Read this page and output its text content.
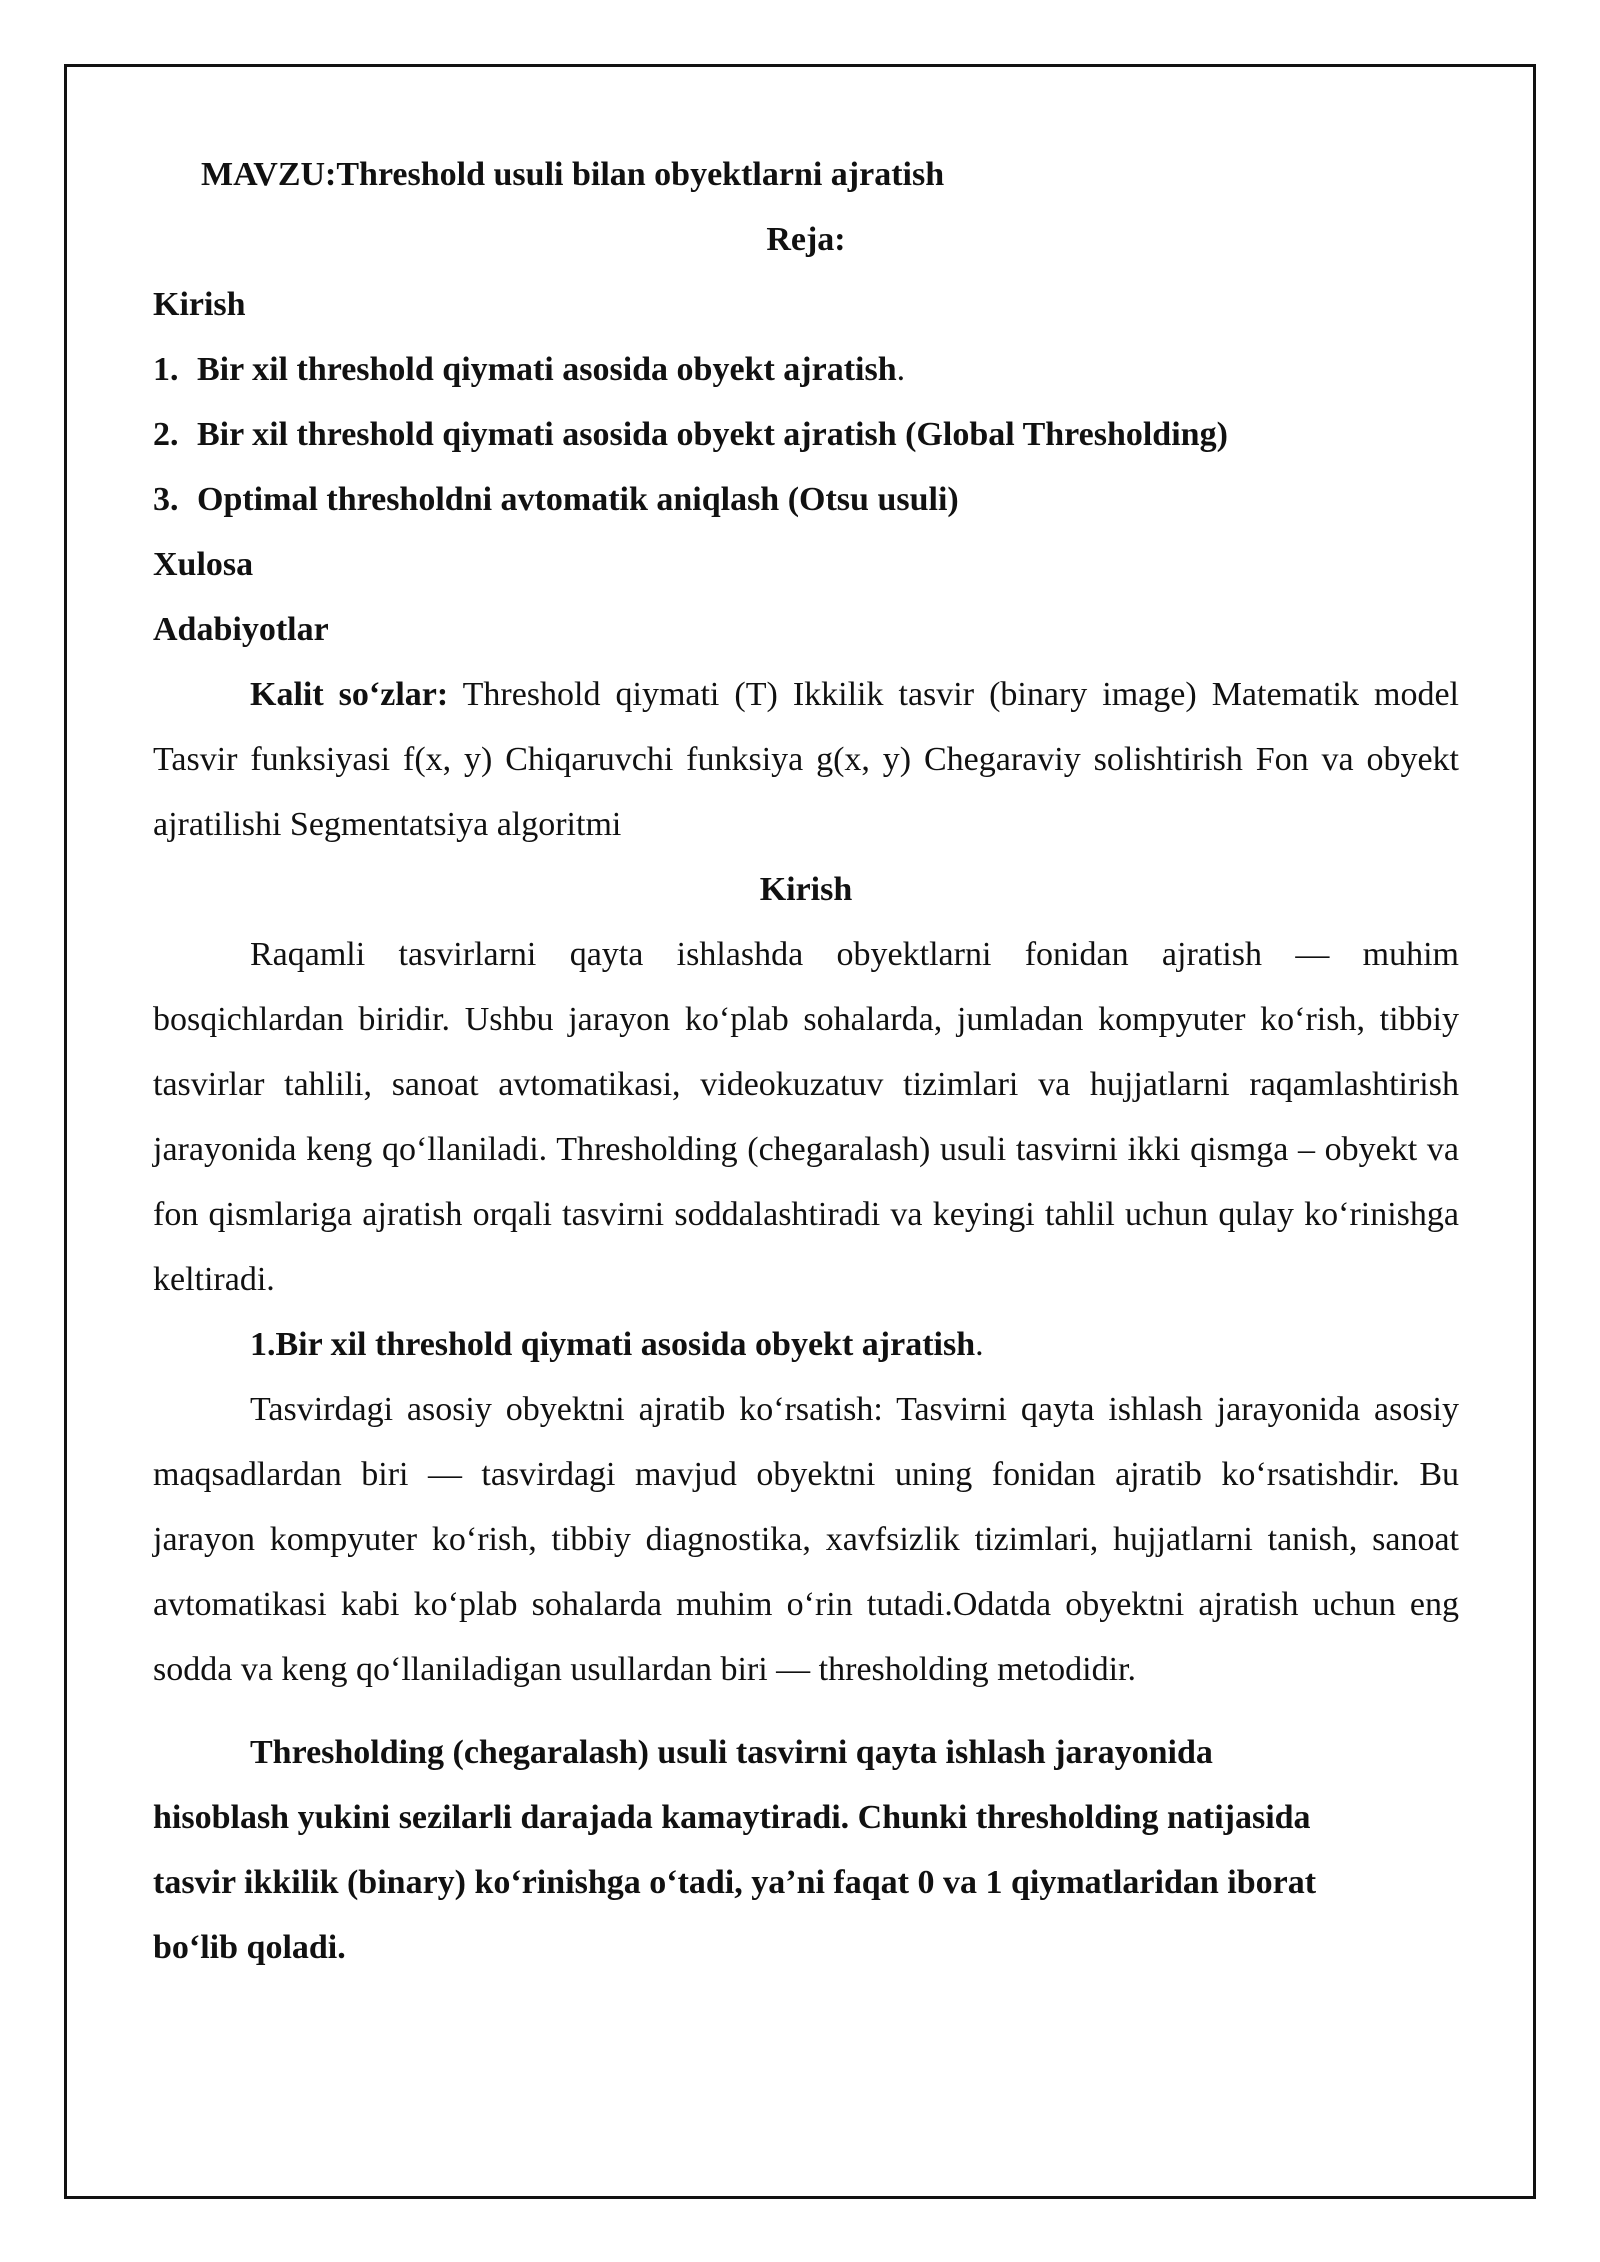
MAVZU:Threshold usuli bilan obyektlarni ajratish
Reja:
Kirish
1. Bir xil threshold qiymati asosida obyekt ajratish.
2. Bir xil threshold qiymati asosida obyekt ajratish (Global Thresholding)
3. Optimal thresholdni avtomatik aniqlash (Otsu usuli)
Xulosa
Adabiyotlar

Kalit soʻzlar: Threshold qiymati (T) Ikkilik tasvir (binary image) Matematik model Tasvir funksiyasi f(x, y) Chiqaruvchi funksiya g(x, y) Chegaraviy solishtirish Fon va obyekt ajratilishi Segmentatsiya algoritmi

Kirish

Raqamli tasvirlarni qayta ishlashda obyektlarni fonidan ajratish — muhim bosqichlardan biridir. Ushbu jarayon koʻplab sohalarda, jumladan kompyuter koʻrish, tibbiy tasvirlar tahlili, sanoat avtomatikasi, videokuzatuv tizimlari va hujjatlarni raqamlashtirish jarayonida keng qoʻllaniladi. Thresholding (chegaralash) usuli tasvirni ikki qismga – obyekt va fon qismlariga ajratish orqali tasvirni soddalashtiradi va keyingi tahlil uchun qulay koʻrinishga keltiradi.

1.Bir xil threshold qiymati asosida obyekt ajratish.

Tasvirdagi asosiy obyektni ajratib koʻrsatish: Tasvirni qayta ishlash jarayonida asosiy maqsadlardan biri — tasvirdagi mavjud obyektni uning fonidan ajratib koʻrsatishdir. Bu jarayon kompyuter koʻrish, tibbiy diagnostika, xavfsizlik tizimlari, hujjatlarni tanish, sanoat avtomatikasi kabi koʻplab sohalarda muhim oʻrin tutadi.Odatda obyektni ajratish uchun eng sodda va keng qoʻllaniladigan usullardan biri — thresholding metodidir.

Thresholding (chegaralash) usuli tasvirni qayta ishlash jarayonida
hisoblash yukini sezilarli darajada kamaytiradi. Chunki thresholding natijasida
tasvir ikkilik (binary) koʻrinishga oʻtadi, yaʼni faqat 0 va 1 qiymatlaridan iborat
boʻlib qoladi.
